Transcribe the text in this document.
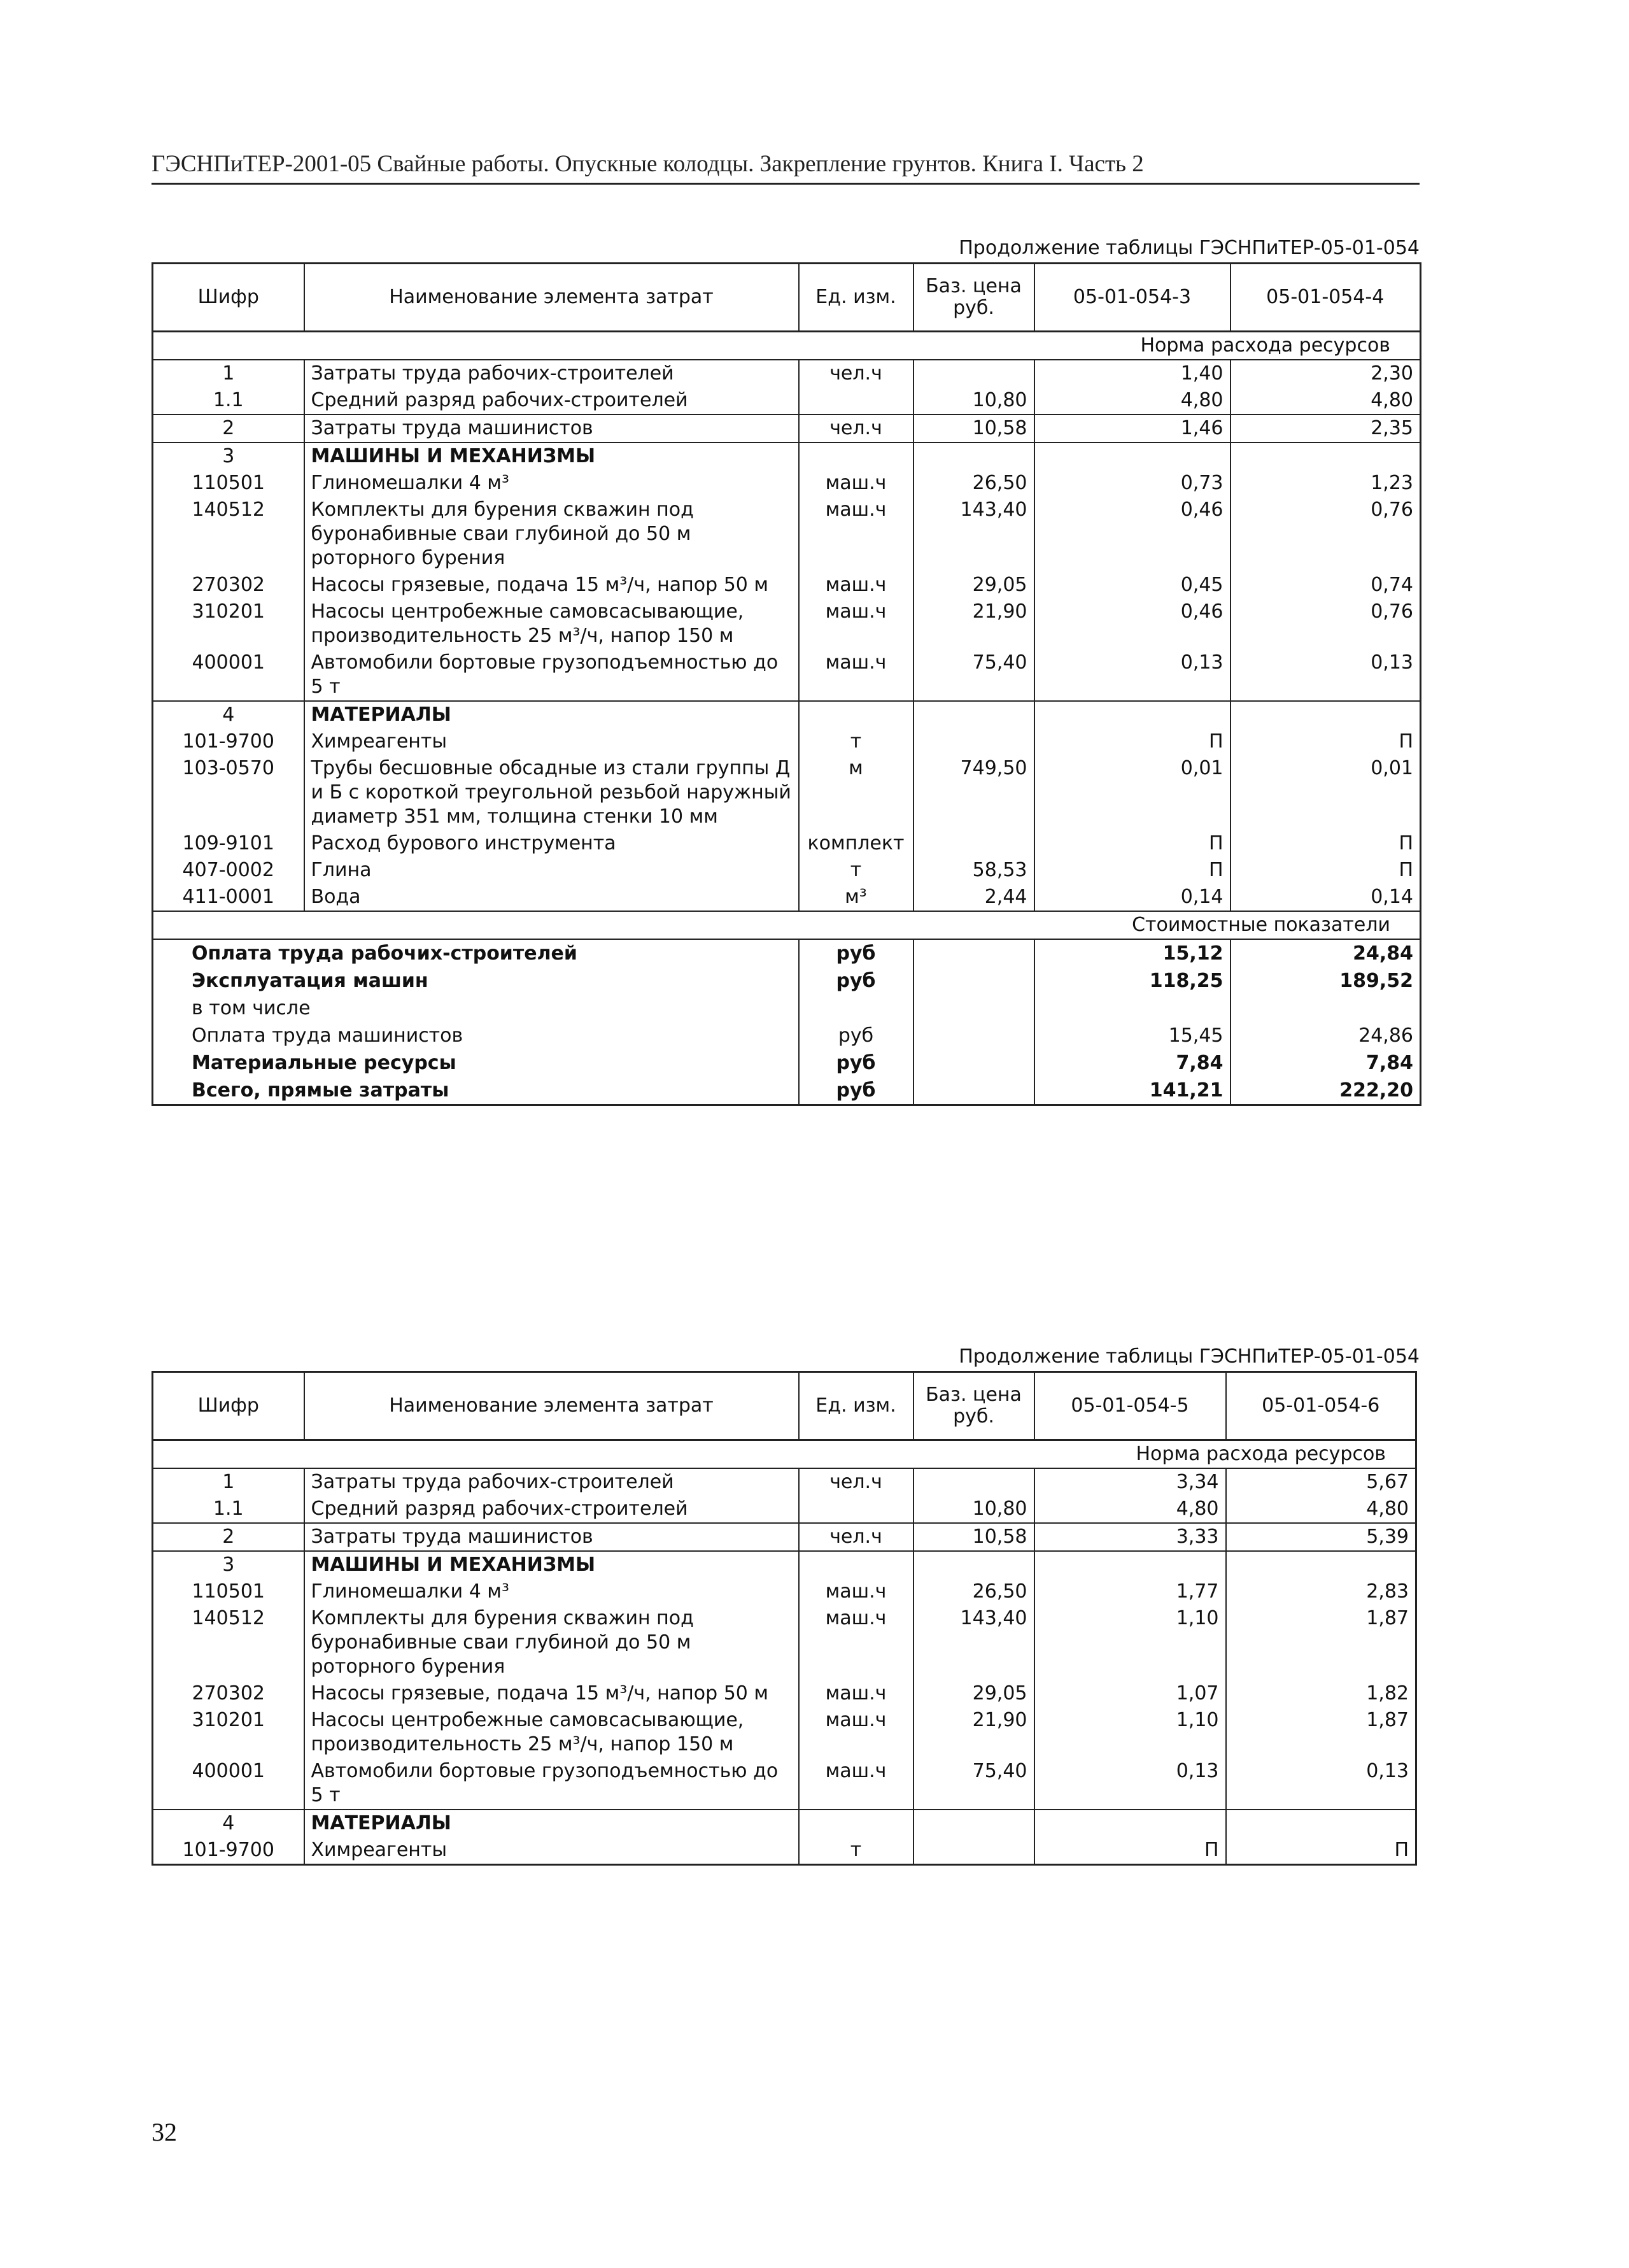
ГЭСНПиТЕР-2001-05 Свайные работы. Опускные колодцы. Закрепление грунтов. Книга I. Часть 2
Продолжение таблицы ГЭСНПиТЕР-05-01-054
Шифр	Наименование элемента затрат	Ед. изм.	Баз. цена руб.	05-01-054-3	05-01-054-4
Норма расхода ресурсов					
1	Затраты труда рабочих-строителей	чел.ч		1,40	2,30
1.1	Средний разряд рабочих-строителей		10,80	4,80	4,80
2	Затраты труда машинистов	чел.ч	10,58	1,46	2,35
3	МАШИНЫ И МЕХАНИЗМЫ				
110501	Глиномешалки 4 м³	маш.ч	26,50	0,73	1,23
140512	Комплекты для бурения скважин под буронабивные сваи глубиной до 50 м роторного бурения	маш.ч	143,40	0,46	0,76
270302	Насосы грязевые, подача 15 м³/ч, напор 50 м	маш.ч	29,05	0,45	0,74
310201	Насосы центробежные самовсасывающие, производительность 25 м³/ч, напор 150 м	маш.ч	21,90	0,46	0,76
400001	Автомобили бортовые грузоподъемностью до 5 т	маш.ч	75,40	0,13	0,13
4	МАТЕРИАЛЫ				
101-9700	Химреагенты	т		П	П
103-0570	Трубы бесшовные обсадные из стали группы Д и Б с короткой треугольной резьбой наружный диаметр 351 мм, толщина стенки 10 мм	м	749,50	0,01	0,01
109-9101	Расход бурового инструмента	комплект		П	П
407-0002	Глина	т	58,53	П	П
411-0001	Вода	м³	2,44	0,14	0,14
Стоимостные показатели					
Оплата труда рабочих-строителей		руб		15,12	24,84
Эксплуатация машин		руб		118,25	189,52
в том числе					
Оплата труда машинистов		руб		15,45	24,86
Материальные ресурсы		руб		7,84	7,84
Всего, прямые затраты		руб		141,21	222,20
Продолжение таблицы ГЭСНПиТЕР-05-01-054
Шифр	Наименование элемента затрат	Ед. изм.	Баз. цена руб.	05-01-054-5	05-01-054-6
Норма расхода ресурсов					
1	Затраты труда рабочих-строителей	чел.ч		3,34	5,67
1.1	Средний разряд рабочих-строителей		10,80	4,80	4,80
2	Затраты труда машинистов	чел.ч	10,58	3,33	5,39
3	МАШИНЫ И МЕХАНИЗМЫ				
110501	Глиномешалки 4 м³	маш.ч	26,50	1,77	2,83
140512	Комплекты для бурения скважин под буронабивные сваи глубиной до 50 м роторного бурения	маш.ч	143,40	1,10	1,87
270302	Насосы грязевые, подача 15 м³/ч, напор 50 м	маш.ч	29,05	1,07	1,82
310201	Насосы центробежные самовсасывающие, производительность 25 м³/ч, напор 150 м	маш.ч	21,90	1,10	1,87
400001	Автомобили бортовые грузоподъемностью до 5 т	маш.ч	75,40	0,13	0,13
4	МАТЕРИАЛЫ				
101-9700	Химреагенты	т		П	П
32
